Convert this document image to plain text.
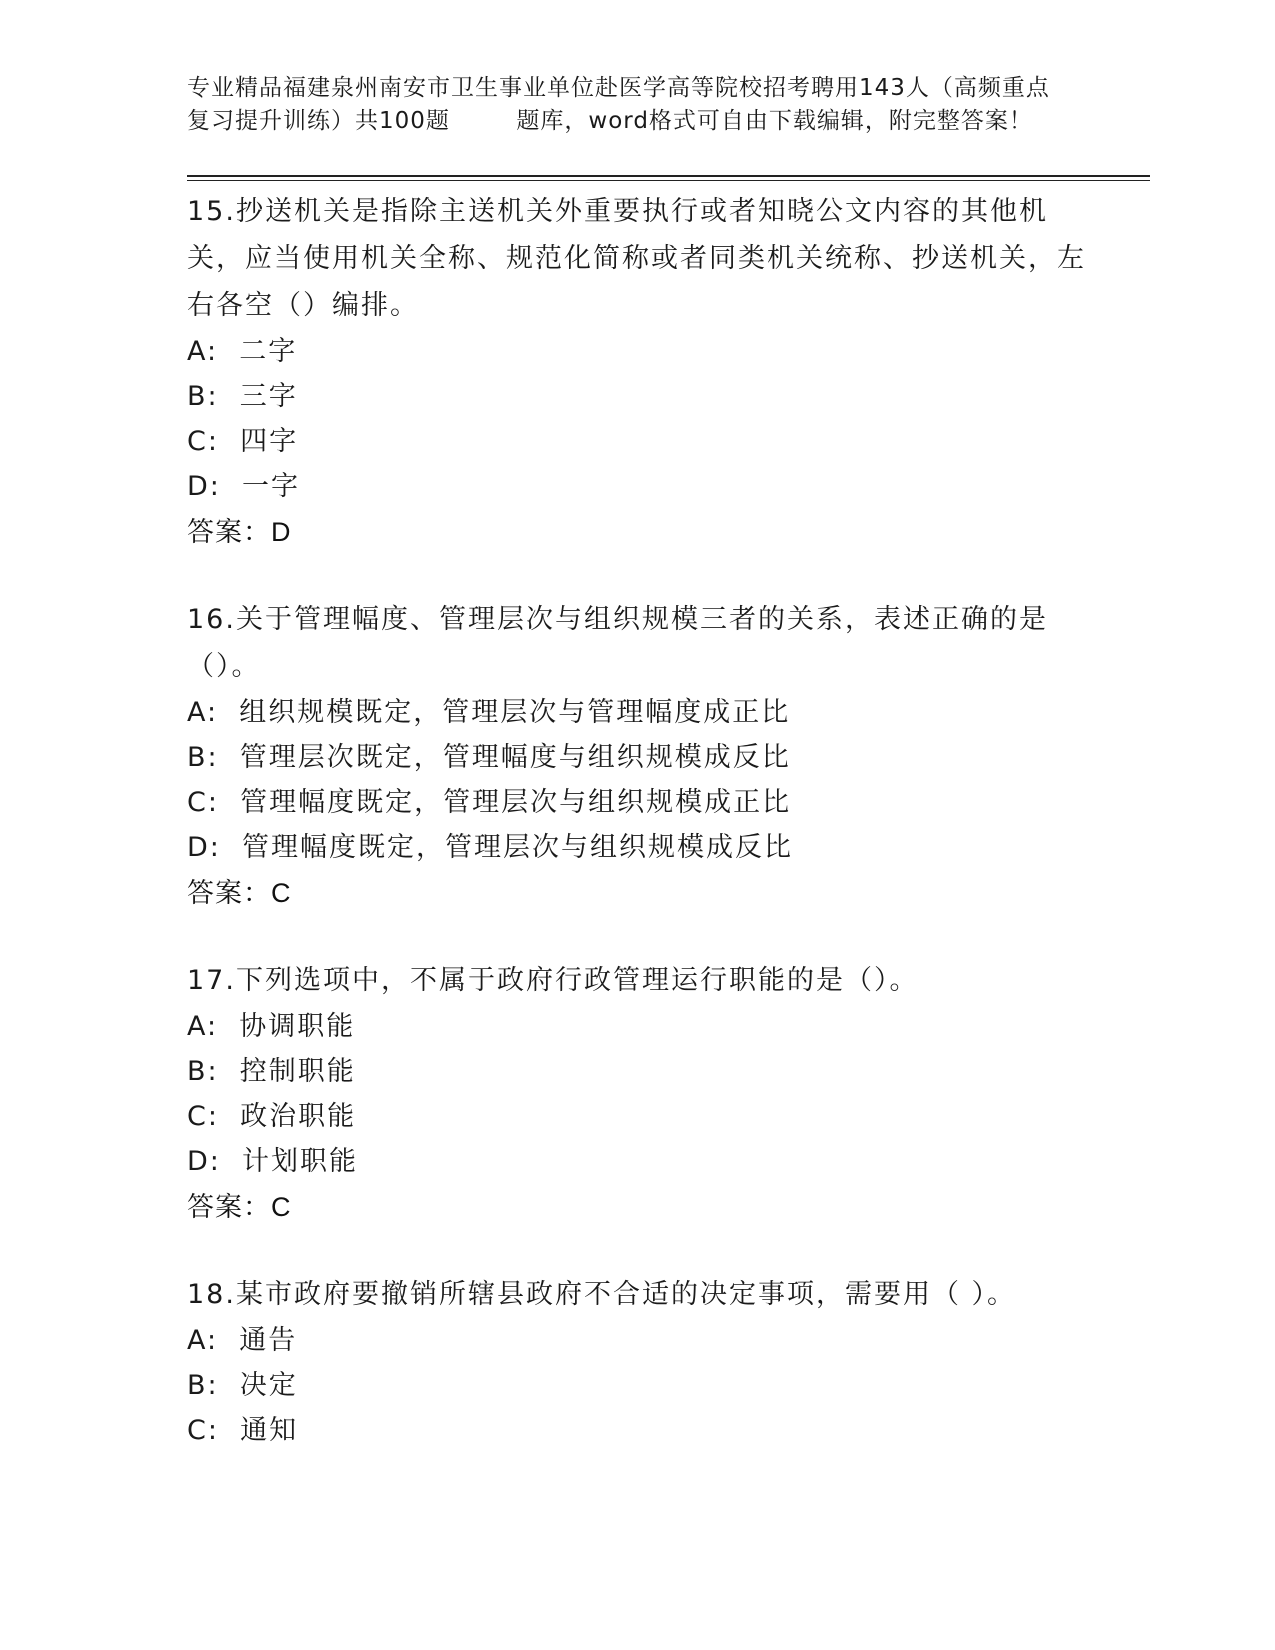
专业精品福建泉州南安市卫生事业单位赴医学高等院校招考聘用143人（高频重点
复习提升训练）共100题        题库，word格式可自由下载编辑，附完整答案！
15.抄送机关是指除主送机关外重要执行或者知晓公文内容的其他机关，应当使用机关全称、规范化简称或者同类机关统称、抄送机关，左右各空（）编排。
A:  二字
B:  三字
C:  四字
D:  一字
答案：D
16.关于管理幅度、管理层次与组织规模三者的关系，表述正确的是（）。
A:  组织规模既定，管理层次与管理幅度成正比
B:  管理层次既定，管理幅度与组织规模成反比
C:  管理幅度既定，管理层次与组织规模成正比
D:  管理幅度既定，管理层次与组织规模成反比
答案：C
17.下列选项中，不属于政府行政管理运行职能的是（）。
A:  协调职能
B:  控制职能
C:  政治职能
D:  计划职能
答案：C
18.某市政府要撤销所辖县政府不合适的决定事项，需要用（ ）。
A:  通告
B:  决定
C:  通知
